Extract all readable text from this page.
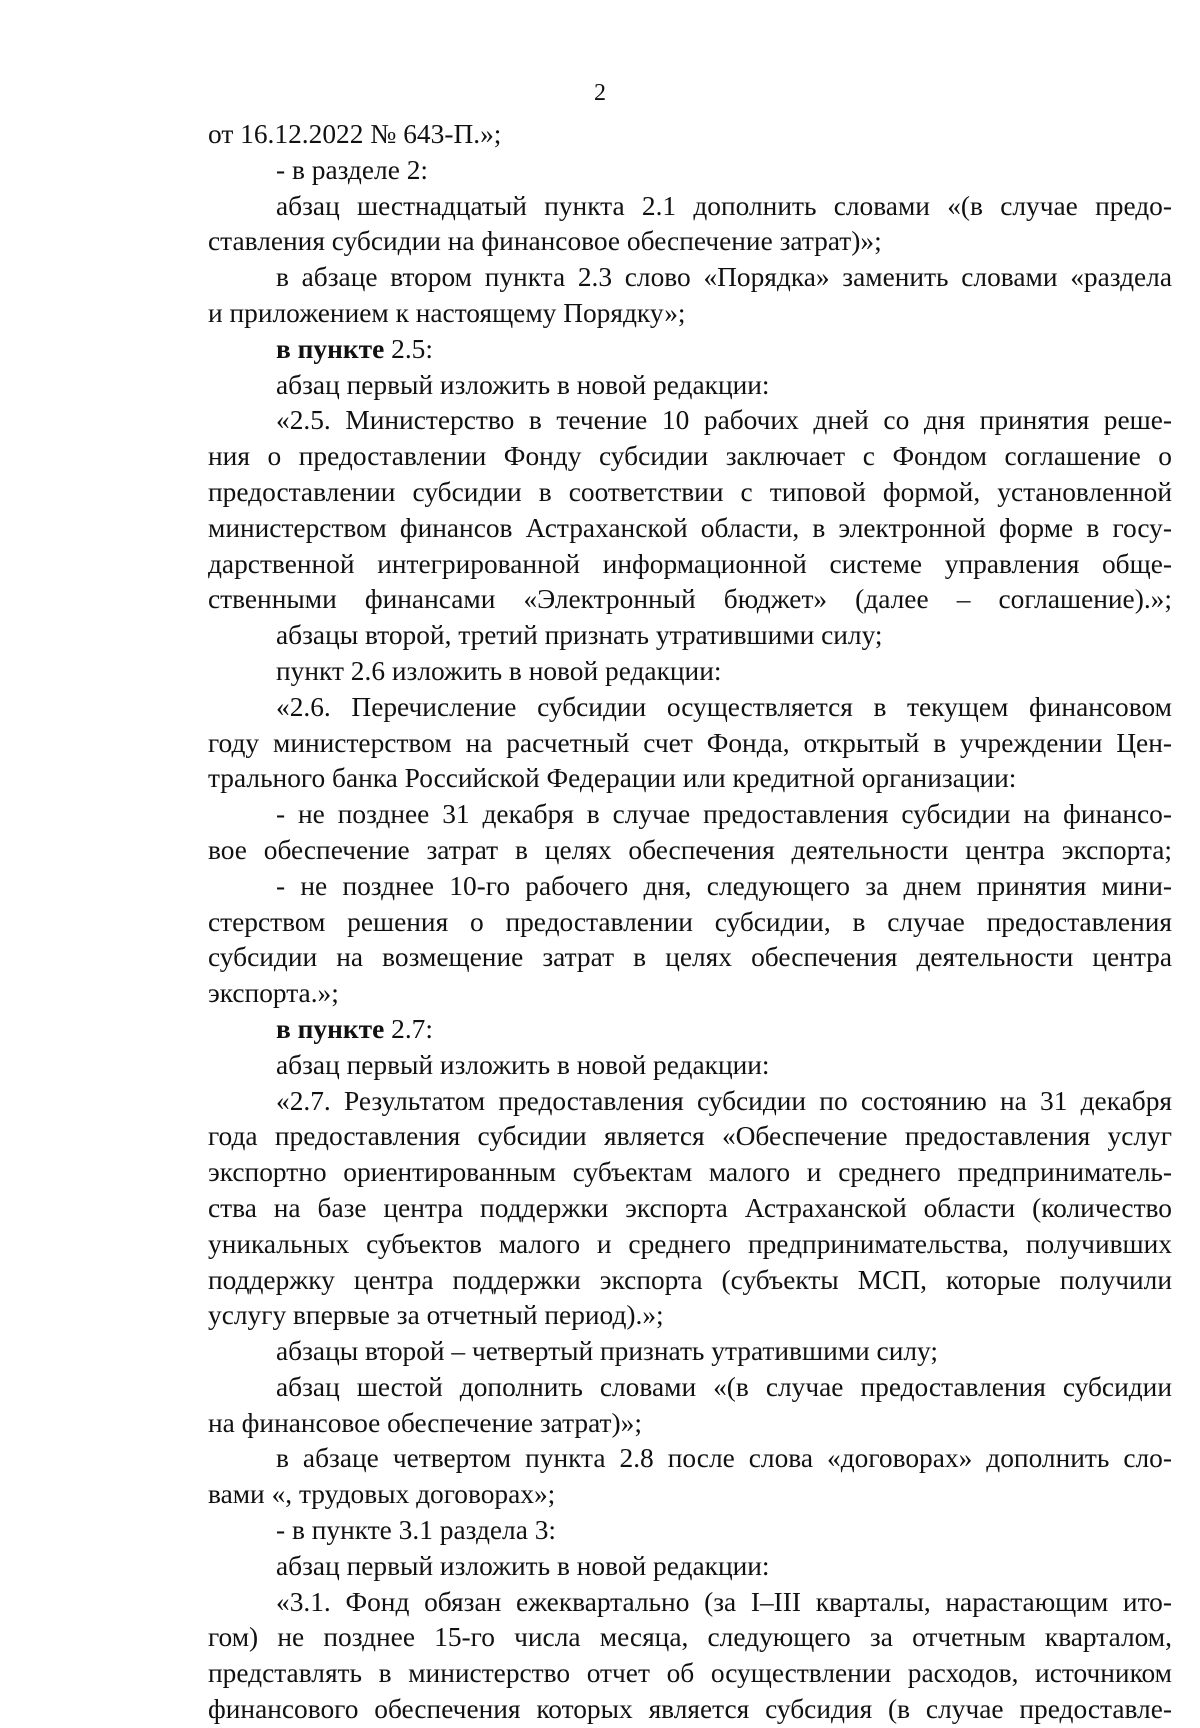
2
от 16.12.2022 № 643-П.»;
- в разделе 2:
абзац шестнадцатый пункта 2.1 дополнить словами «(в случае предо-
ставления субсидии на финансовое обеспечение затрат)»;
в абзаце втором пункта 2.3 слово «Порядка» заменить словами «раздела
и приложением к настоящему Порядку»;
в пункте 2.5:
абзац первый изложить в новой редакции:
«2.5. Министерство в течение 10 рабочих дней со дня принятия реше-
ния о предоставлении Фонду субсидии заключает с Фондом соглашение о
предоставлении субсидии в соответствии с типовой формой, установленной
министерством финансов Астраханской области, в электронной форме в госу-
дарственной интегрированной информационной системе управления обще-
ственными финансами «Электронный бюджет» (далее – соглашение).»;
абзацы второй, третий признать утратившими силу;
пункт 2.6 изложить в новой редакции:
«2.6. Перечисление субсидии осуществляется в текущем финансовом
году министерством на расчетный счет Фонда, открытый в учреждении Цен-
трального банка Российской Федерации или кредитной организации:
- не позднее 31 декабря в случае предоставления субсидии на финансо-
вое обеспечение затрат в целях обеспечения деятельности центра экспорта;
- не позднее 10-го рабочего дня, следующего за днем принятия мини-
стерством решения о предоставлении субсидии, в случае предоставления
субсидии на возмещение затрат в целях обеспечения деятельности центра
экспорта.»;
в пункте 2.7:
абзац первый изложить в новой редакции:
«2.7. Результатом предоставления субсидии по состоянию на 31 декабря
года предоставления субсидии является «Обеспечение предоставления услуг
экспортно ориентированным субъектам малого и среднего предприниматель-
ства на базе центра поддержки экспорта Астраханской области (количество
уникальных субъектов малого и среднего предпринимательства, получивших
поддержку центра поддержки экспорта (субъекты МСП, которые получили
услугу впервые за отчетный период).»;
абзацы второй – четвертый признать утратившими силу;
абзац шестой дополнить словами «(в случае предоставления субсидии
на финансовое обеспечение затрат)»;
в абзаце четвертом пункта 2.8 после слова «договорах» дополнить сло-
вами «, трудовых договорах»;
- в пункте 3.1 раздела 3:
абзац первый изложить в новой редакции:
«3.1. Фонд обязан ежеквартально (за I–III кварталы, нарастающим ито-
гом) не позднее 15-го числа месяца, следующего за отчетным кварталом,
представлять в министерство отчет об осуществлении расходов, источником
финансового обеспечения которых является субсидия (в случае предоставле-
